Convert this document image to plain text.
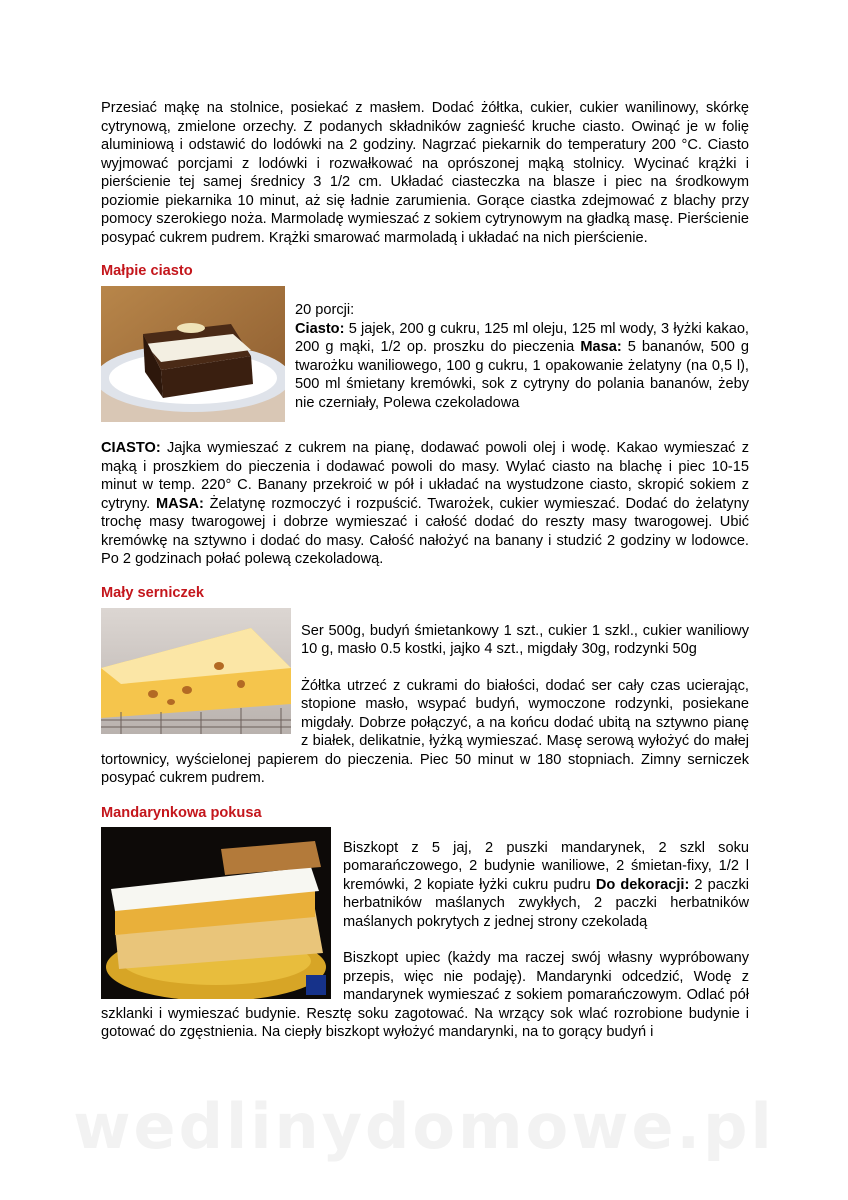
Przesiać mąkę na stolnice, posiekać z masłem. Dodać żółtka, cukier, cukier wanilinowy, skórkę cytrynową, zmielone orzechy. Z podanych składników zagnieść kruche ciasto. Owinąć je w folię aluminiową i odstawić do lodówki na 2 godziny. Nagrzać piekarnik do temperatury 200 °C. Ciasto wyjmować porcjami z lodówki i rozwałkować na oprószonej mąką stolnicy. Wycinać krążki i pierścienie tej samej średnicy 3 1/2 cm. Układać ciasteczka na blasze i piec na środkowym poziomie piekarnika 10 minut, aż się ładnie zarumienia. Gorące ciastka zdejmować z blachy przy pomocy szerokiego noża. Marmoladę wymieszać z sokiem cytrynowym na gładką masę. Pierścienie posypać cukrem pudrem. Krążki smarować marmoladą i układać na nich pierścienie.

Małpie ciasto

20 porcji:

Ciasto: 5 jajek, 200 g cukru, 125 ml oleju, 125 ml wody, 3 łyżki kakao, 200 g mąki, 1/2 op. proszku do pieczenia Masa: 5 bananów, 500 g twarożku waniliowego, 100 g cukru, 1 opakowanie żelatyny (na 0,5 l), 500 ml śmietany kremówki, sok z cytryny do polania bananów, żeby nie czerniały, Polewa czekoladowa

CIASTO: Jajka wymieszać z cukrem na pianę, dodawać powoli olej i wodę. Kakao wymieszać z mąką i proszkiem do pieczenia i dodawać powoli do masy. Wylać ciasto na blachę i piec 10-15 minut w temp. 220° C. Banany przekroić w pół i układać na wystudzone ciasto, skropić sokiem z cytryny. MASA: Żelatynę rozmoczyć i rozpuścić. Twarożek, cukier wymieszać. Dodać do żelatyny trochę masy twarogowej i dobrze wymieszać i całość dodać do reszty masy twarogowej. Ubić kremówkę na sztywno i dodać do masy. Całość nałożyć na banany i studzić 2 godziny w lodowce. Po 2 godzinach połać polewą czekoladową.

Mały serniczek

Ser 500g, budyń śmietankowy 1 szt., cukier 1 szkl., cukier waniliowy 10 g, masło 0.5 kostki, jajko 4 szt., migdały 30g, rodzynki 50g

Żółtka utrzeć z cukrami do białości, dodać ser cały czas ucierając, stopione masło, wsypać budyń, wymoczone rodzynki, posiekane migdały. Dobrze połączyć, a na końcu dodać ubitą na sztywno pianę z białek, delikatnie, łyżką wymieszać. Masę serową wyłożyć do małej tortownicy, wyścielonej papierem do pieczenia. Piec 50 minut w 180 stopniach. Zimny serniczek posypać cukrem pudrem.

Mandarynkowa pokusa

Biszkopt z 5 jaj, 2 puszki mandarynek, 2 szkl soku pomarańczowego, 2 budynie waniliowe, 2 śmietan-fixy, 1/2 l kremówki, 2 kopiate łyżki cukru pudru Do dekoracji: 2 paczki herbatników maślanych zwykłych, 2 paczki herbatników maślanych pokrytych z jednej strony czekoladą

Biszkopt upiec (każdy ma raczej swój własny wypróbowany przepis, więc nie podaję). Mandarynki odcedzić, Wodę z mandarynek wymieszać z sokiem pomarańczowym. Odlać pół szklanki i wymieszać budynie. Resztę soku zagotować. Na wrzący sok wlać rozrobione budynie i gotować do zgęstnienia. Na ciepły biszkopt wyłożyć mandarynki, na to gorący budyń i

wedlinydomowe.pl
